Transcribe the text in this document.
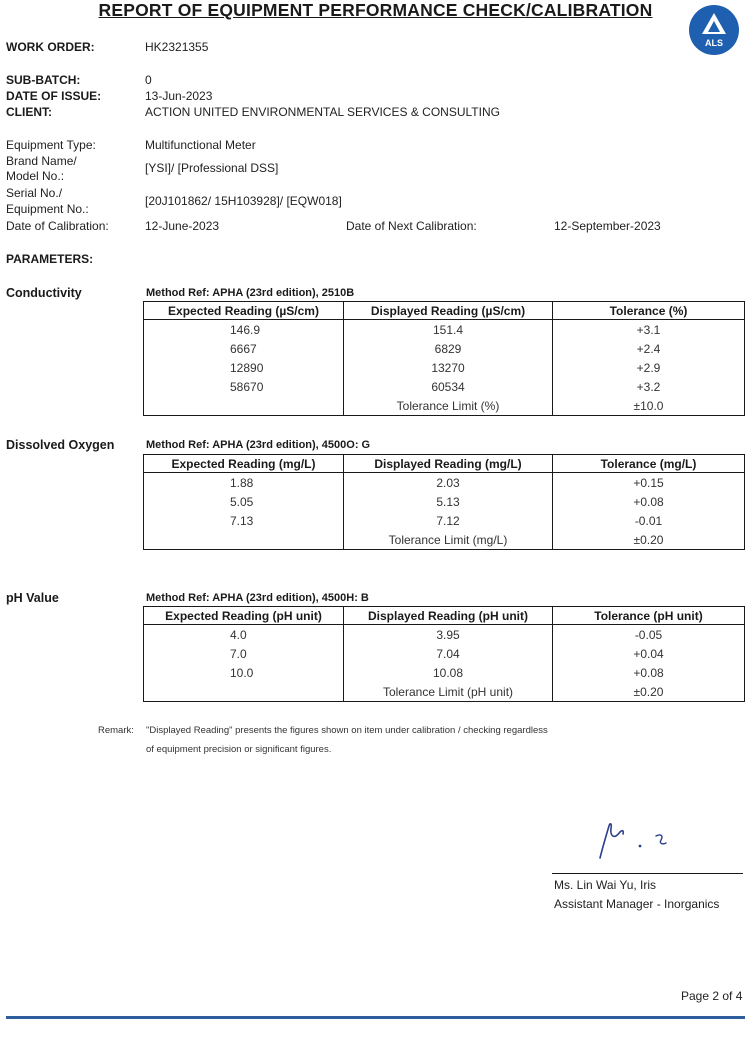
REPORT OF EQUIPMENT PERFORMANCE CHECK/CALIBRATION
ALS
WORK ORDER:	HK2321355
SUB-BATCH:	0
DATE OF ISSUE:	13-Jun-2023
CLIENT:	ACTION UNITED ENVIRONMENTAL SERVICES & CONSULTING
Equipment Type:	Multifunctional Meter
Brand Name/
Model No.:
[YSI]/ [Professional DSS]
Serial No./
Equipment No.:
[20J101862/ 15H103928]/ [EQW018]
Date of Calibration:	12-June-2023	Date of Next Calibration:	12-September-2023
PARAMETERS:
Conductivity	Method Ref: APHA (23rd edition), 2510B
Expected Reading (µS/cm)	Displayed Reading (µS/cm)	Tolerance (%)
146.9	151.4	+3.1
6667	6829	+2.4
12890	13270	+2.9
58670	60534	+3.2
	Tolerance Limit (%)	±10.0
Dissolved Oxygen	Method Ref: APHA (23rd edition), 4500O: G
Expected Reading (mg/L)	Displayed Reading (mg/L)	Tolerance (mg/L)
1.88	2.03	+0.15
5.05	5.13	+0.08
7.13	7.12	-0.01
	Tolerance Limit (mg/L)	±0.20
pH Value	Method Ref: APHA (23rd edition), 4500H: B
Expected Reading (pH unit)	Displayed Reading (pH unit)	Tolerance (pH unit)
4.0	3.95	-0.05
7.0	7.04	+0.04
10.0	10.08	+0.08
	Tolerance Limit (pH unit)	±0.20
Remark: "Displayed Reading" presents the figures shown on item under calibration / checking regardless
of equipment precision or significant figures.
Ms. Lin Wai Yu, Iris
Assistant Manager - Inorganics
Page 2 of 4
